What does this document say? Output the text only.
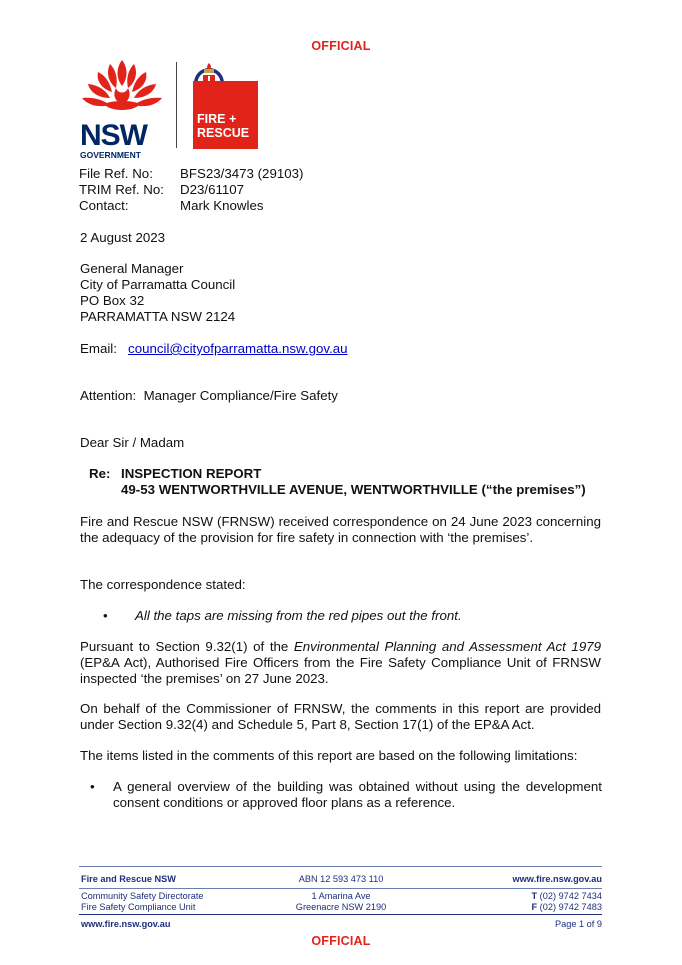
OFFICIAL
NSW
GOVERNMENT
FIRE +
RESCUE
File Ref. No:	BFS23/3473 (29103)
TRIM Ref. No:	D23/61107
Contact:	Mark Knowles
2 August 2023
General Manager
City of Parramatta Council
PO Box 32
PARRAMATTA NSW 2124
Email: council@cityofparramatta.nsw.gov.au
Attention:  Manager Compliance/Fire Safety
Dear Sir / Madam
Re: INSPECTION REPORT
49-53 WENTWORTHVILLE AVENUE, WENTWORTHVILLE (“the premises”)
Fire and Rescue NSW (FRNSW) received correspondence on 24 June 2023 concerning the adequacy of the provision for fire safety in connection with ‘the premises’.
The correspondence stated:
•	All the taps are missing from the red pipes out the front.
Pursuant to Section 9.32(1) of the Environmental Planning and Assessment Act 1979 (EP&A Act), Authorised Fire Officers from the Fire Safety Compliance Unit of FRNSW inspected ‘the premises’ on 27 June 2023.
On behalf of the Commissioner of FRNSW, the comments in this report are provided under Section 9.32(4) and Schedule 5, Part 8, Section 17(1) of the EP&A Act.
The items listed in the comments of this report are based on the following limitations:
•	A general overview of the building was obtained without using the development consent conditions or approved floor plans as a reference.
Fire and Rescue NSW	ABN 12 593 473 110	www.fire.nsw.gov.au
Community Safety Directorate
Fire Safety Compliance Unit
1 Amarina Ave
Greenacre NSW 2190
T (02) 9742 7434
F (02) 9742 7483
www.fire.nsw.gov.au	Page 1 of 9
OFFICIAL
